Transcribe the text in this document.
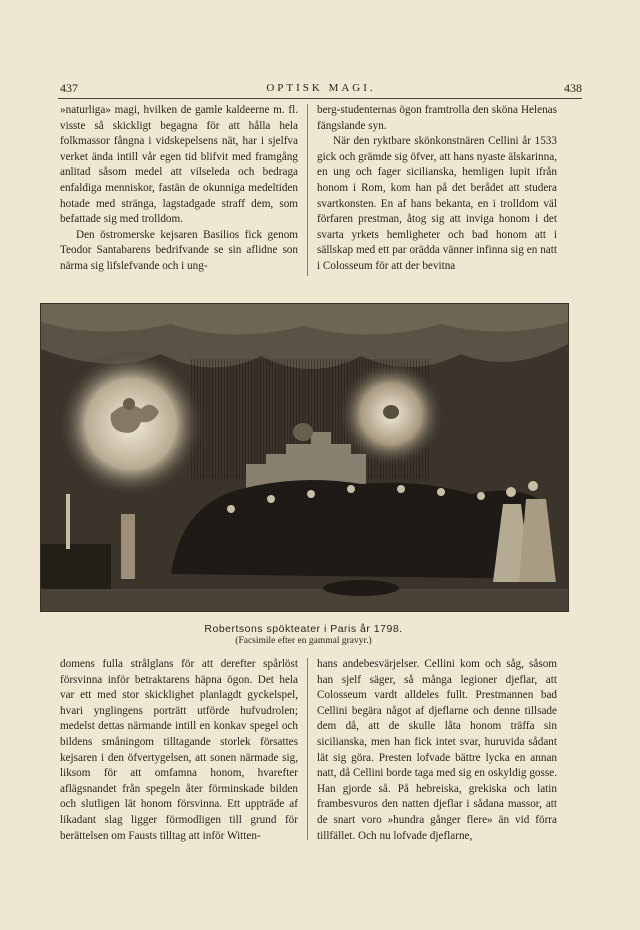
437	OPTISK MAGI.	438

»naturliga» magi, hvilken de gamle kaldeerne m. fl. visste så skickligt begagna för att hålla hela folkmassor fångna i vidskepelsens nät, har i sjelfva verket ända intill vår egen tid blifvit med framgång anlitad såsom medel att vilseleda och bedraga enfaldiga menniskor, fastän de okunniga medeltiden hotade med stränga, lagstadgade straff dem, som befattade sig med trolldom.

Den östromerske kejsaren Basilios fick genom Teodor Santabarens bedrifvande se sin aflidne son närma sig lifslefvande och i ung-

berg-studenternas ögon framtrolla den sköna Helenas fängslande syn.

När den ryktbare skönkonstnären Cellini år 1533 gick och grämde sig öfver, att hans nyaste älskarinna, en ung och fager sicilianska, hemligen lupit ifrån honom i Rom, kom han på det berådet att studera svartkonsten. En af hans bekanta, en i trolldom väl förfaren prestman, åtog sig att inviga honom i det svarta yrkets hemligheter och bad honom att i sällskap med ett par orädda vänner infinna sig en natt i Colosseum för att der bevitna

Robertsons spökteater i Paris år 1798.
(Facsimile efter en gammal gravyr.)

domens fulla strålglans för att derefter spårlöst försvinna inför betraktarens häpna ögon. Det hela var ett med stor skicklighet planlagdt gyckelspel, hvari ynglingens porträtt utförde hufvudrolen; medelst dettas närmande intill en konkav spegel och bildens småningom tilltagande storlek försattes kejsaren i den öfvertygelsen, att sonen närmade sig, liksom för att omfamna honom, hvarefter aflägsnandet från spegeln åter förminskade bilden och slutligen lät honom försvinna. Ett uppträde af likadant slag ligger förmodligen till grund för berättelsen om Fausts tilltag att inför Witten-

hans andebesvärjelser. Cellini kom och såg, såsom han sjelf säger, så många legioner djeflar, att Colosseum vardt alldeles fullt. Prestmannen bad Cellini begära något af djeflarne och denne tillsade dem då, att de skulle låta honom träffa sin sicilianska, men han fick intet svar, huruvida sådant lät sig göra. Presten lofvade bättre lycka en annan natt, då Cellini borde taga med sig en oskyldig gosse. Han gjorde så. På hebreiska, grekiska och latin frambesvuros den natten djeflar i sådana massor, att de snart voro »hundra gånger flere» än vid förra tillfället. Och nu lofvade djeflarne,
